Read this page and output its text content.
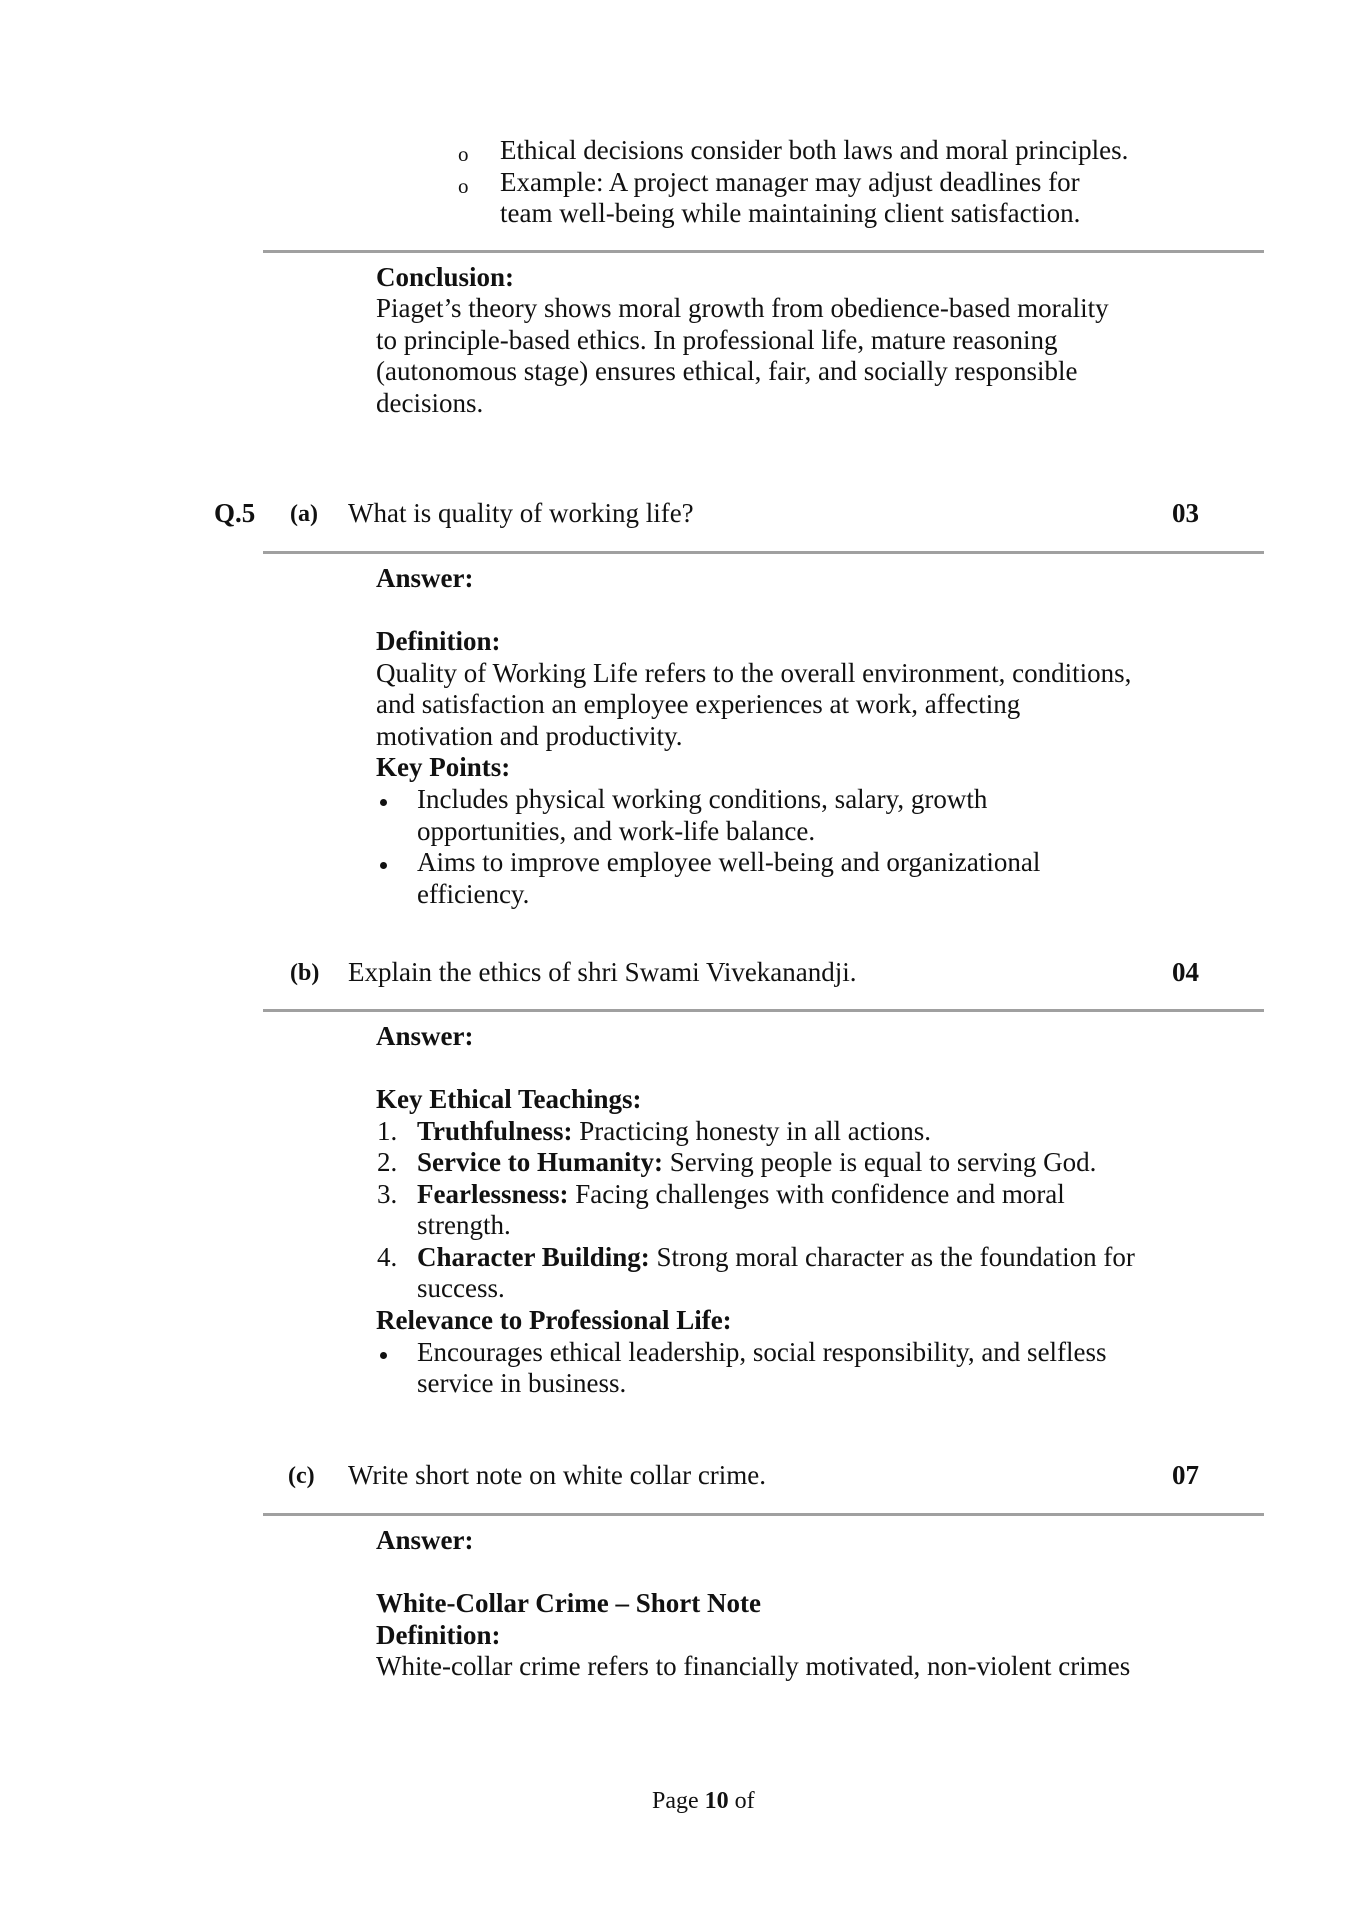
o Ethical decisions consider both laws and moral principles.
o Example: A project manager may adjust deadlines for
team well-being while maintaining client satisfaction.
Conclusion:
Piaget’s theory shows moral growth from obedience-based morality
to principle-based ethics. In professional life, mature reasoning
(autonomous stage) ensures ethical, fair, and socially responsible
decisions.
Q.5 (a) What is quality of working life?	03
Answer:
Definition:
Quality of Working Life refers to the overall environment, conditions,
and satisfaction an employee experiences at work, affecting
motivation and productivity.
Key Points:
Includes physical working conditions, salary, growth
opportunities, and work-life balance.
Aims to improve employee well-being and organizational
efficiency.
(b) Explain the ethics of shri Swami Vivekanandji.	04
Answer:
Key Ethical Teachings:
1. Truthfulness: Practicing honesty in all actions.
2. Service to Humanity: Serving people is equal to serving God.
3. Fearlessness: Facing challenges with confidence and moral
strength.
4. Character Building: Strong moral character as the foundation for
success.
Relevance to Professional Life:
Encourages ethical leadership, social responsibility, and selfless
service in business.
(c) Write short note on white collar crime.	07
Answer:
White-Collar Crime – Short Note
Definition:
White-collar crime refers to financially motivated, non-violent crimes
Page 10 of
